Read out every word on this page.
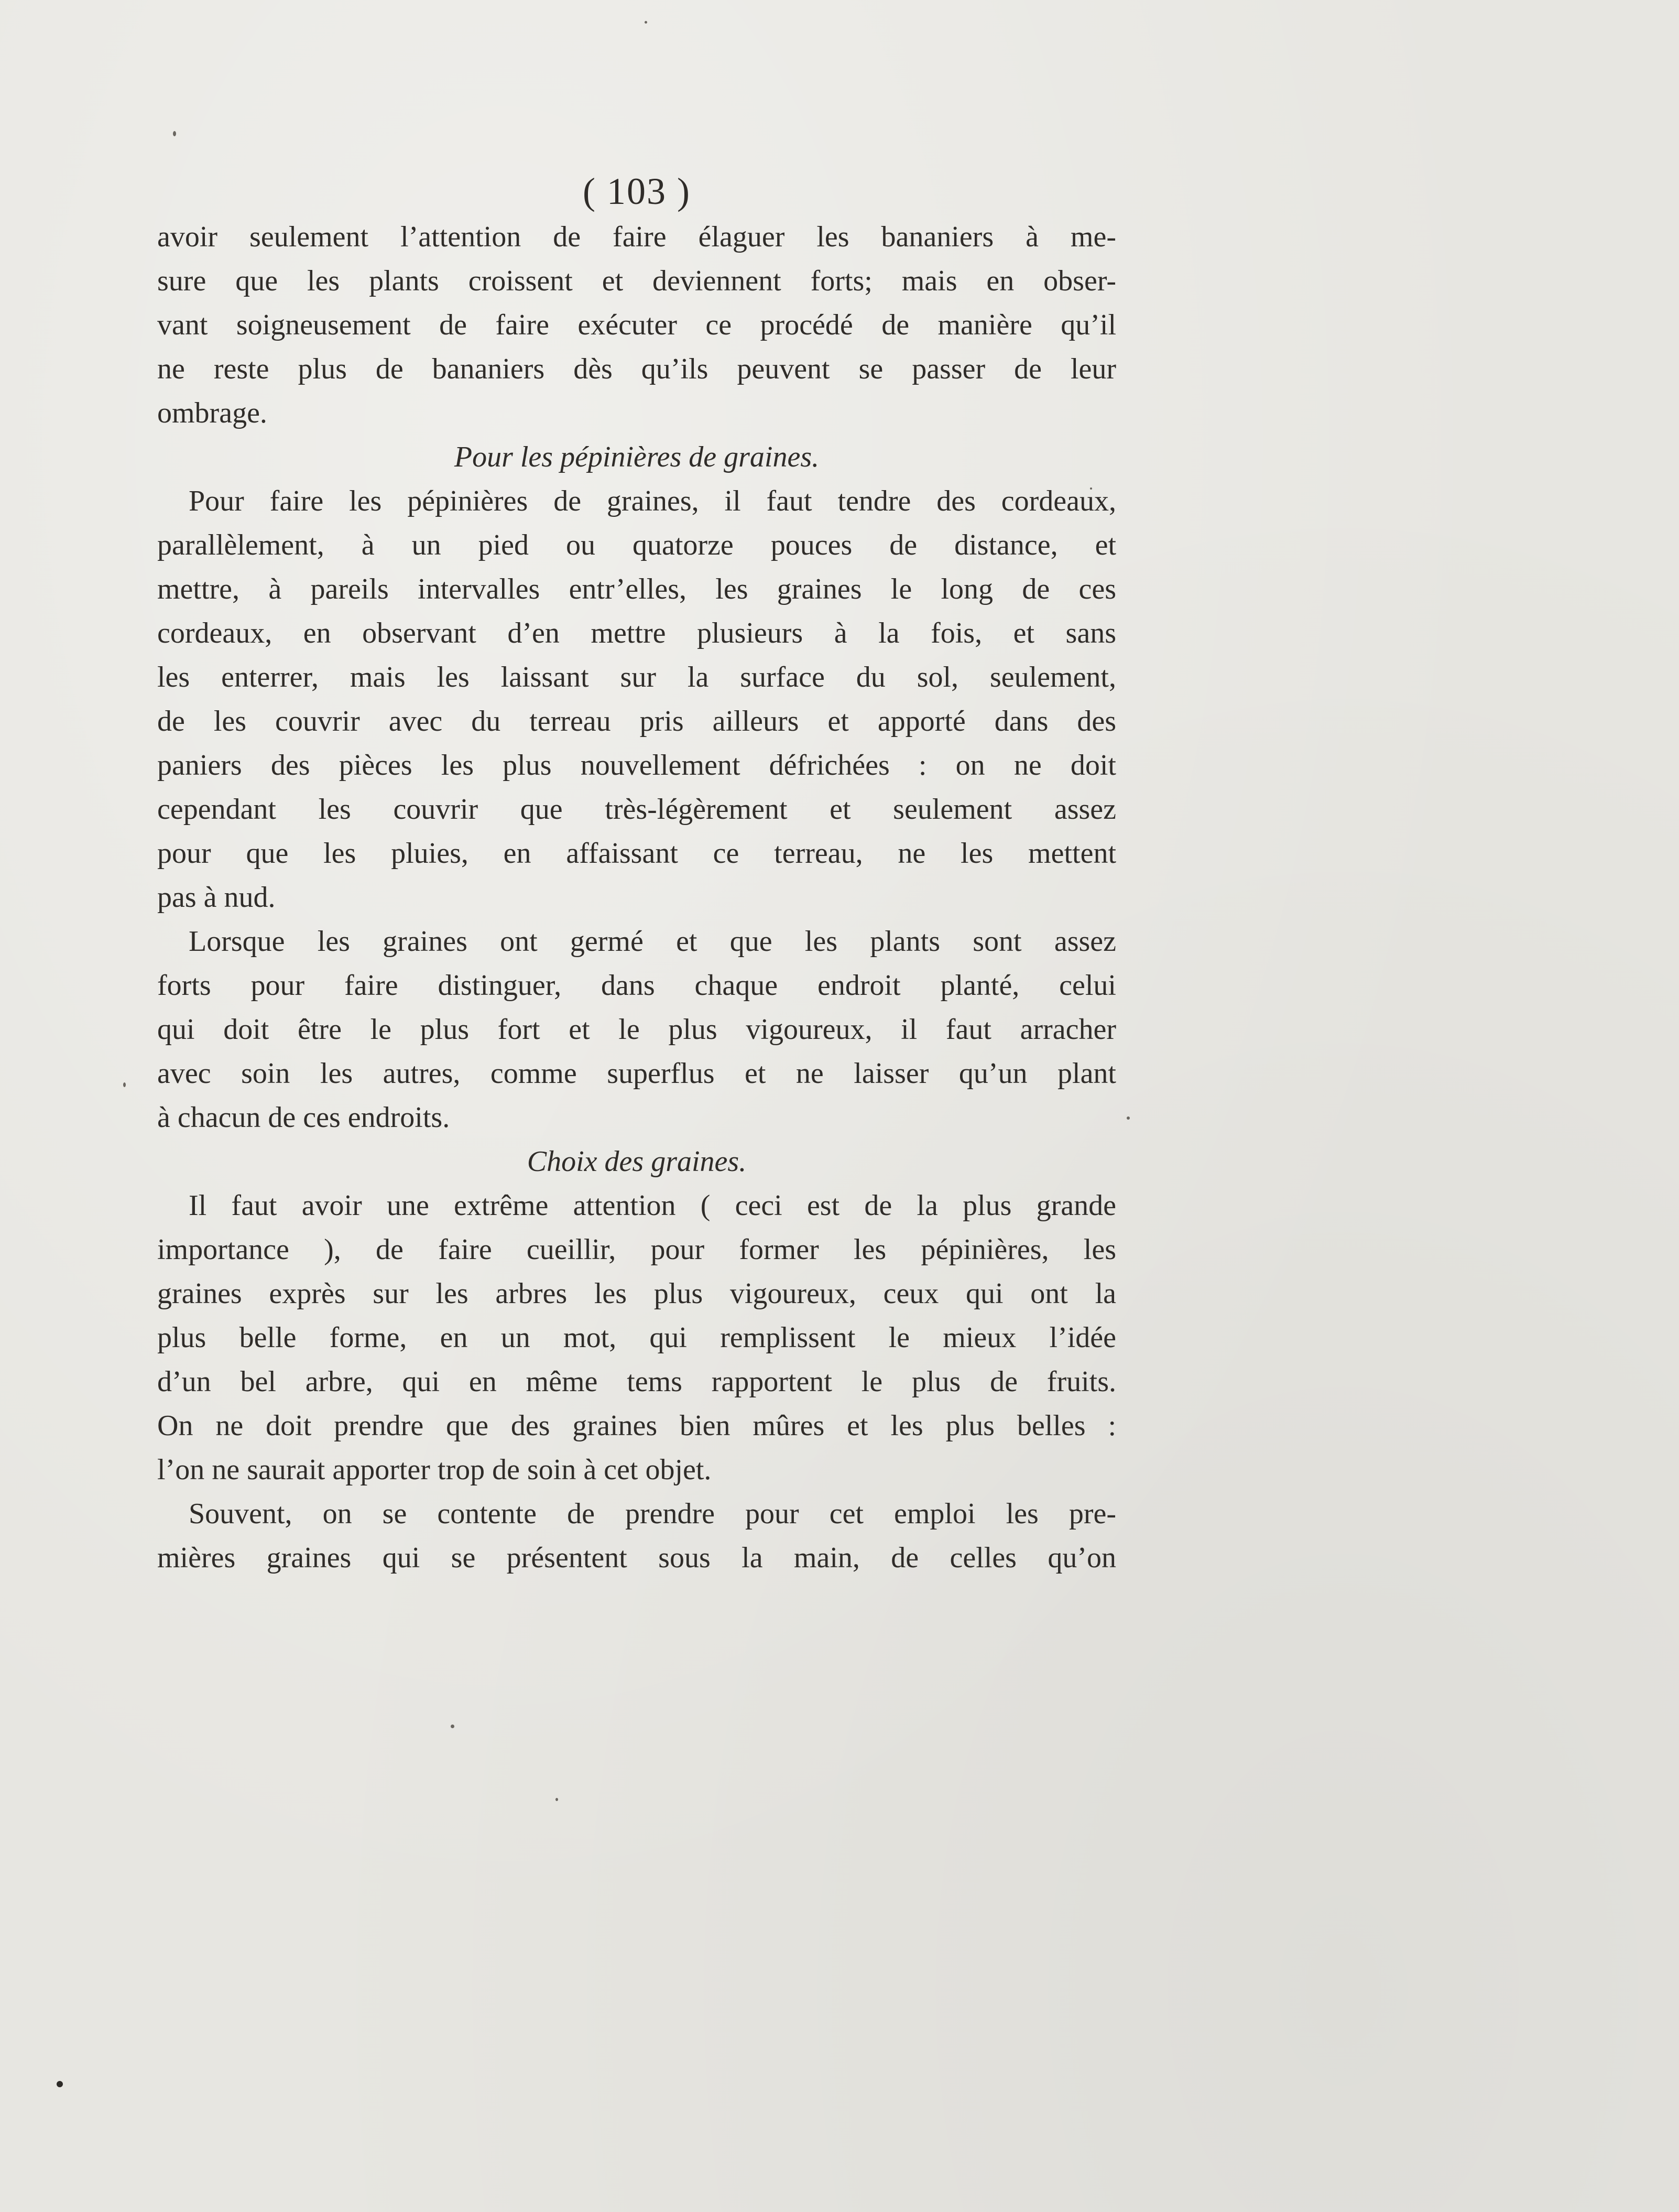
( 103 )
avoir seulement l’attention de faire élaguer les bananiers à me-
sure que les plants croissent et deviennent forts; mais en obser-
vant soigneusement de faire exécuter ce procédé de manière qu’il
ne reste plus de bananiers dès qu’ils peuvent se passer de leur
ombrage.
Pour les pépinières de graines.
Pour faire les pépinières de graines, il faut tendre des cordeaux,
parallèlement, à un pied ou quatorze pouces de distance, et
mettre, à pareils intervalles entr’elles, les graines le long de ces
cordeaux, en observant d’en mettre plusieurs à la fois, et sans
les enterrer, mais les laissant sur la surface du sol, seulement,
de les couvrir avec du terreau pris ailleurs et apporté dans des
paniers des pièces les plus nouvellement défrichées : on ne doit
cependant les couvrir que très-légèrement et seulement assez
pour que les pluies, en affaissant ce terreau, ne les mettent
pas à nud.
Lorsque les graines ont germé et que les plants sont assez
forts pour faire distinguer, dans chaque endroit planté, celui
qui doit être le plus fort et le plus vigoureux, il faut arracher
avec soin les autres, comme superflus et ne laisser qu’un plant
à chacun de ces endroits.
Choix des graines.
Il faut avoir une extrême attention ( ceci est de la plus grande
importance ), de faire cueillir, pour former les pépinières, les
graines exprès sur les arbres les plus vigoureux, ceux qui ont la
plus belle forme, en un mot, qui remplissent le mieux l’idée
d’un bel arbre, qui en même tems rapportent le plus de fruits.
On ne doit prendre que des graines bien mûres et les plus belles :
l’on ne saurait apporter trop de soin à cet objet.
Souvent, on se contente de prendre pour cet emploi les pre-
mières graines qui se présentent sous la main, de celles qu’on
